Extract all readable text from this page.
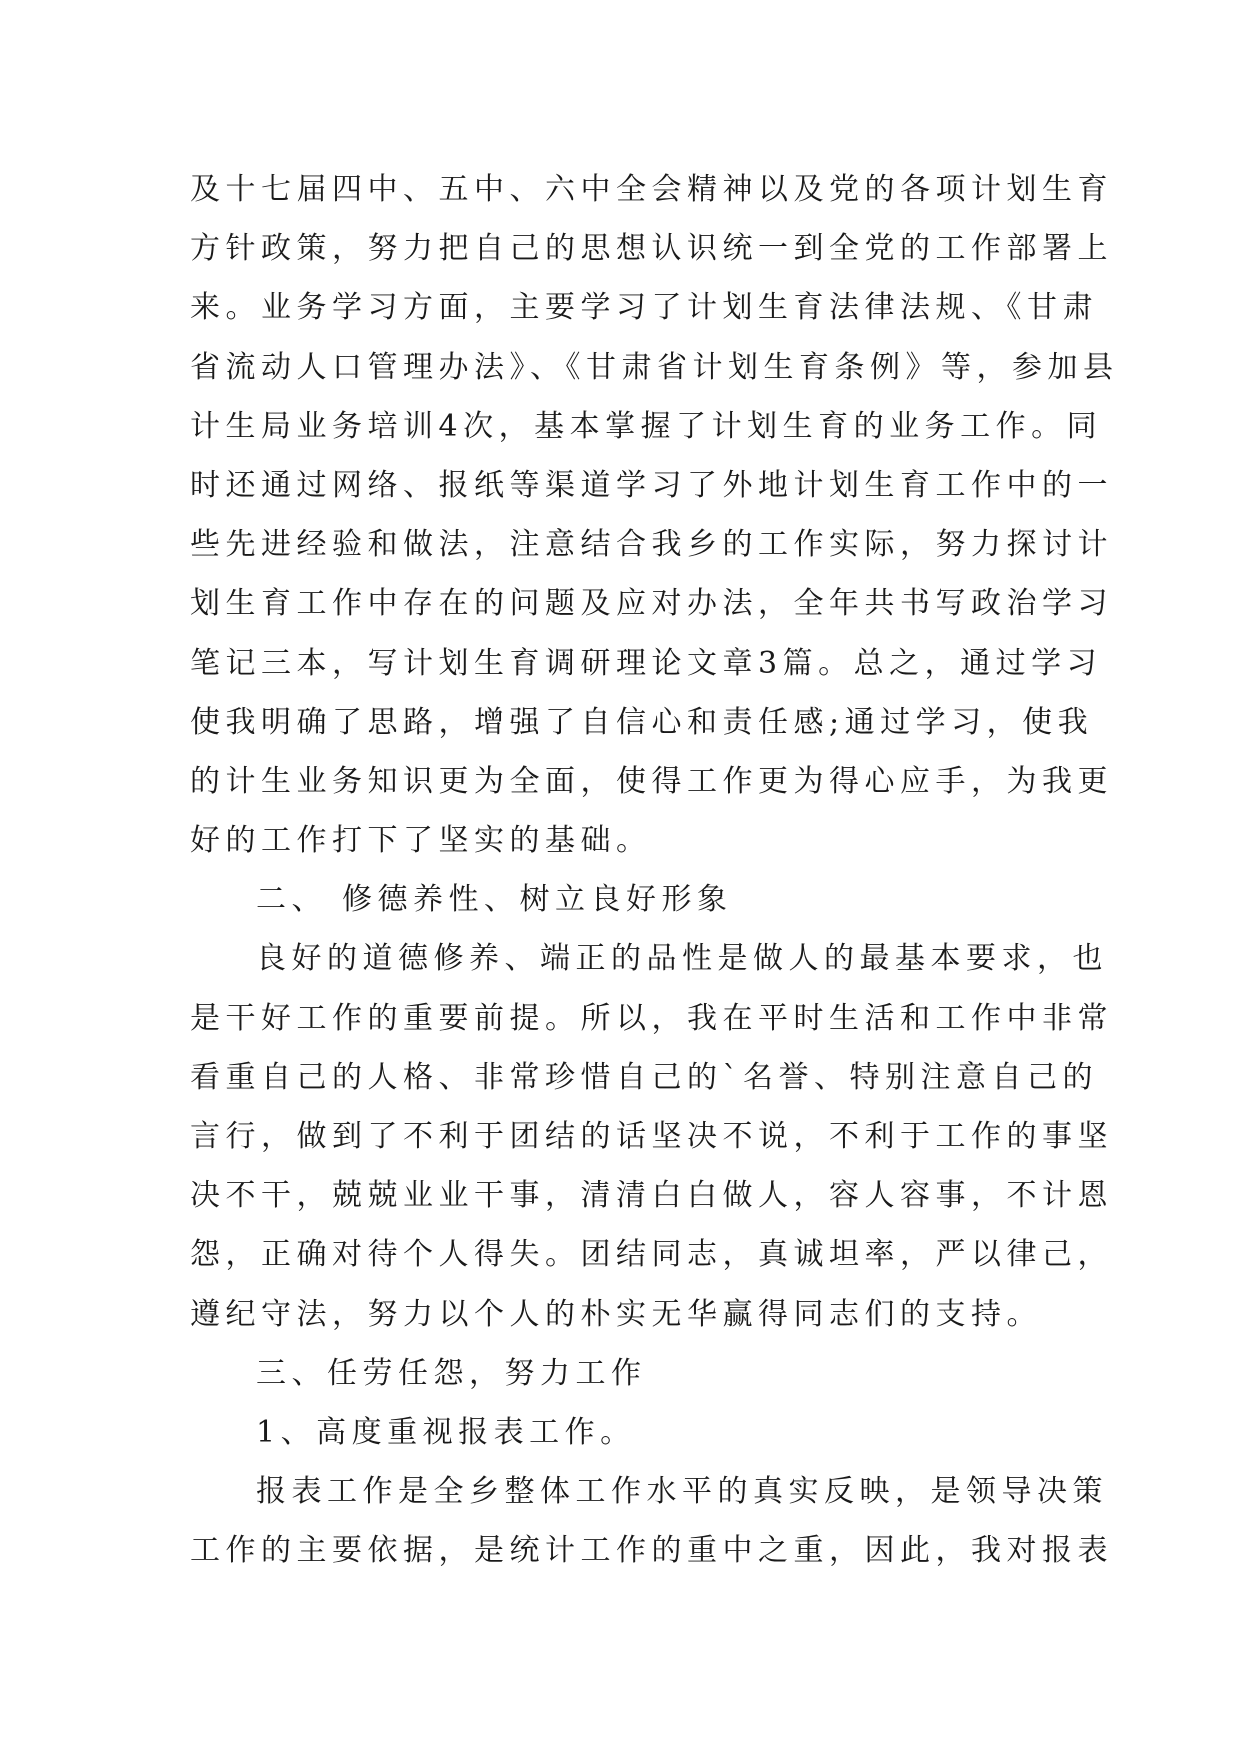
及十七届四中、五中、六中全会精神以及党的各项计划生育
方针政策，努力把自己的思想认识统一到全党的工作部署上
来。业务学习方面，主要学习了计划生育法律法规、《甘肃
省流动人口管理办法》、《甘肃省计划生育条例》等，参加县
计生局业务培训4次，基本掌握了计划生育的业务工作。同
时还通过网络、报纸等渠道学习了外地计划生育工作中的一
些先进经验和做法，注意结合我乡的工作实际，努力探讨计
划生育工作中存在的问题及应对办法，全年共书写政治学习
笔记三本，写计划生育调研理论文章3篇。总之，通过学习
使我明确了思路，增强了自信心和责任感;通过学习，使我
的计生业务知识更为全面，使得工作更为得心应手，为我更
好的工作打下了坚实的基础。
二、 修德养性、树立良好形象
良好的道德修养、端正的品性是做人的最基本要求，也
是干好工作的重要前提。所以，我在平时生活和工作中非常
看重自己的人格、非常珍惜自己的`名誉、特别注意自己的
言行，做到了不利于团结的话坚决不说，不利于工作的事坚
决不干，兢兢业业干事，清清白白做人，容人容事，不计恩
怨，正确对待个人得失。团结同志，真诚坦率，严以律己，
遵纪守法，努力以个人的朴实无华赢得同志们的支持。
三、任劳任怨，努力工作
1、高度重视报表工作。
报表工作是全乡整体工作水平的真实反映，是领导决策
工作的主要依据，是统计工作的重中之重，因此，我对报表
